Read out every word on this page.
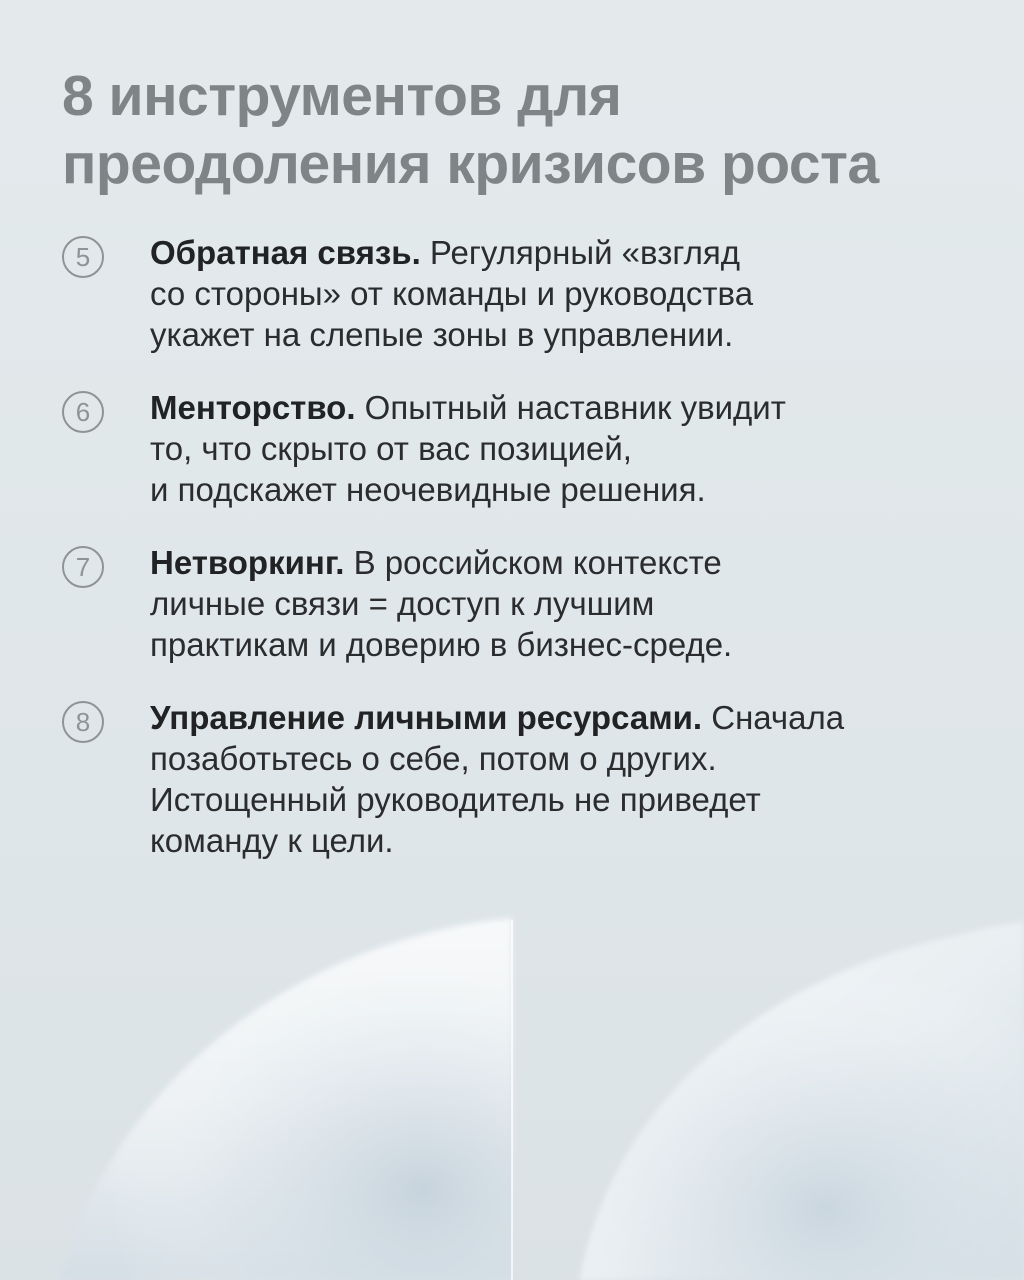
8 инструментов для
преодоления кризисов роста
5	Обратная связь. Регулярный «взгляд
со стороны» от команды и руководства
укажет на слепые зоны в управлении.
6	Менторство. Опытный наставник увидит
то, что скрыто от вас позицией,
и подскажет неочевидные решения.
7	Нетворкинг. В российском контексте
личные связи = доступ к лучшим
практикам и доверию в бизнес-среде.
8	Управление личными ресурсами. Сначала
позаботьтесь о себе, потом о других.
Истощенный руководитель не приведет
команду к цели.
